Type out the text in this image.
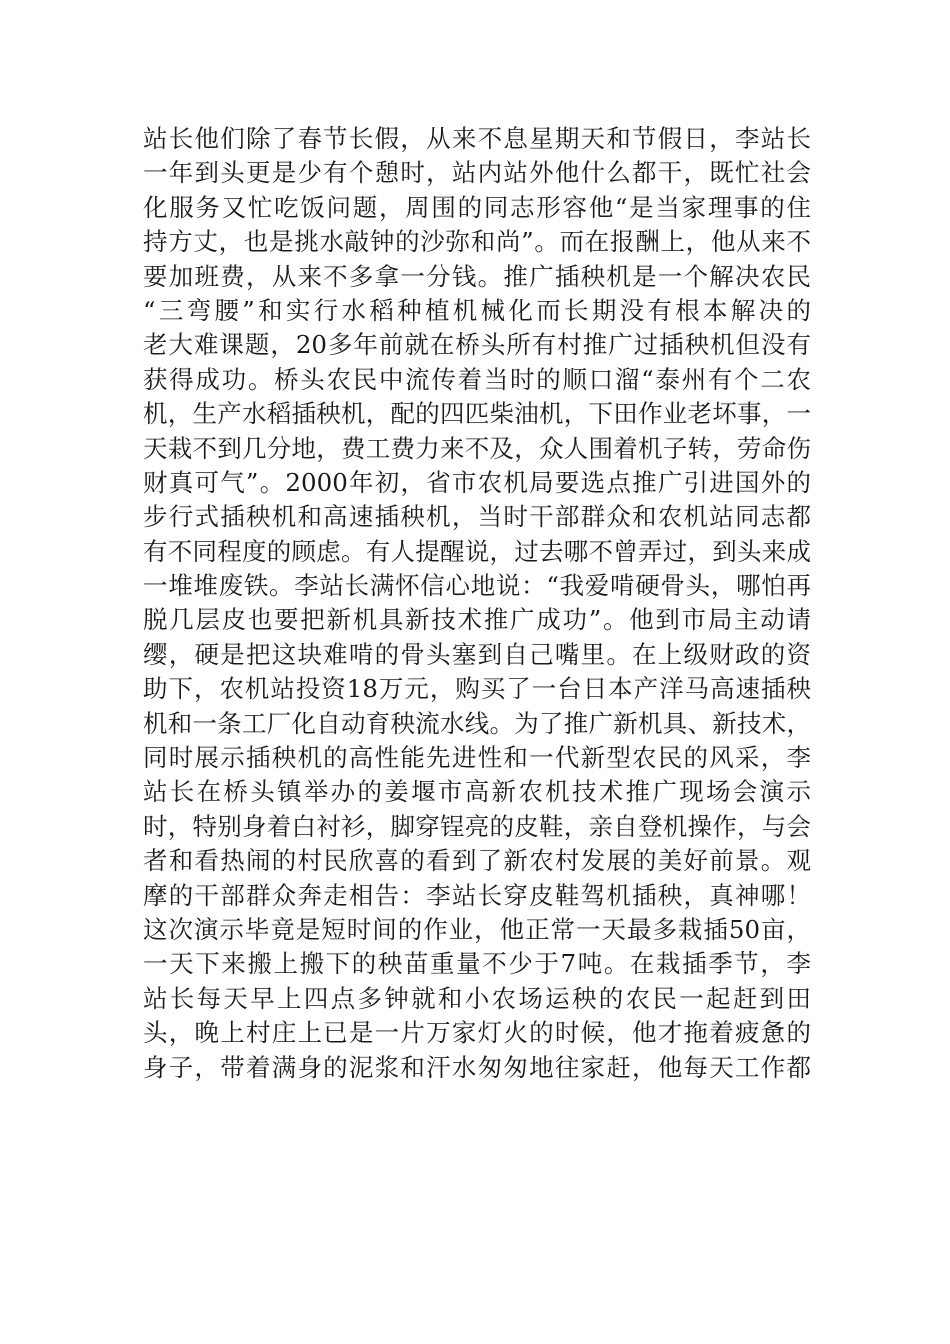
站长他们除了春节长假，从来不息星期天和节假日，李站长
一年到头更是少有个憩时，站内站外他什么都干，既忙社会
化服务又忙吃饭问题，周围的同志形容他“是当家理事的住
持方丈，也是挑水敲钟的沙弥和尚”。而在报酬上，他从来不
要加班费，从来不多拿一分钱。推广插秧机是一个解决农民
“三弯腰”和实行水稻种植机械化而长期没有根本解决的
老大难课题，20多年前就在桥头所有村推广过插秧机但没有
获得成功。桥头农民中流传着当时的顺口溜“泰州有个二农
机，生产水稻插秧机，配的四匹柴油机，下田作业老坏事，一
天栽不到几分地，费工费力来不及，众人围着机子转，劳命伤
财真可气”。2000年初，省市农机局要选点推广引进国外的
步行式插秧机和高速插秧机，当时干部群众和农机站同志都
有不同程度的顾虑。有人提醒说，过去哪不曾弄过，到头来成
一堆堆废铁。李站长满怀信心地说：“我爱啃硬骨头，哪怕再
脱几层皮也要把新机具新技术推广成功”。他到市局主动请
缨，硬是把这块难啃的骨头塞到自己嘴里。在上级财政的资
助下，农机站投资18万元，购买了一台日本产洋马高速插秧
机和一条工厂化自动育秧流水线。为了推广新机具、新技术，
同时展示插秧机的高性能先进性和一代新型农民的风采，李
站长在桥头镇举办的姜堰市高新农机技术推广现场会演示
时，特别身着白衬衫，脚穿锃亮的皮鞋，亲自登机操作，与会
者和看热闹的村民欣喜的看到了新农村发展的美好前景。观
摩的干部群众奔走相告：李站长穿皮鞋驾机插秧，真神哪！
这次演示毕竟是短时间的作业，他正常一天最多栽插50亩，
一天下来搬上搬下的秧苗重量不少于7吨。在栽插季节，李
站长每天早上四点多钟就和小农场运秧的农民一起赶到田
头，晚上村庄上已是一片万家灯火的时候，他才拖着疲惫的
身子，带着满身的泥浆和汗水匆匆地往家赶，他每天工作都
